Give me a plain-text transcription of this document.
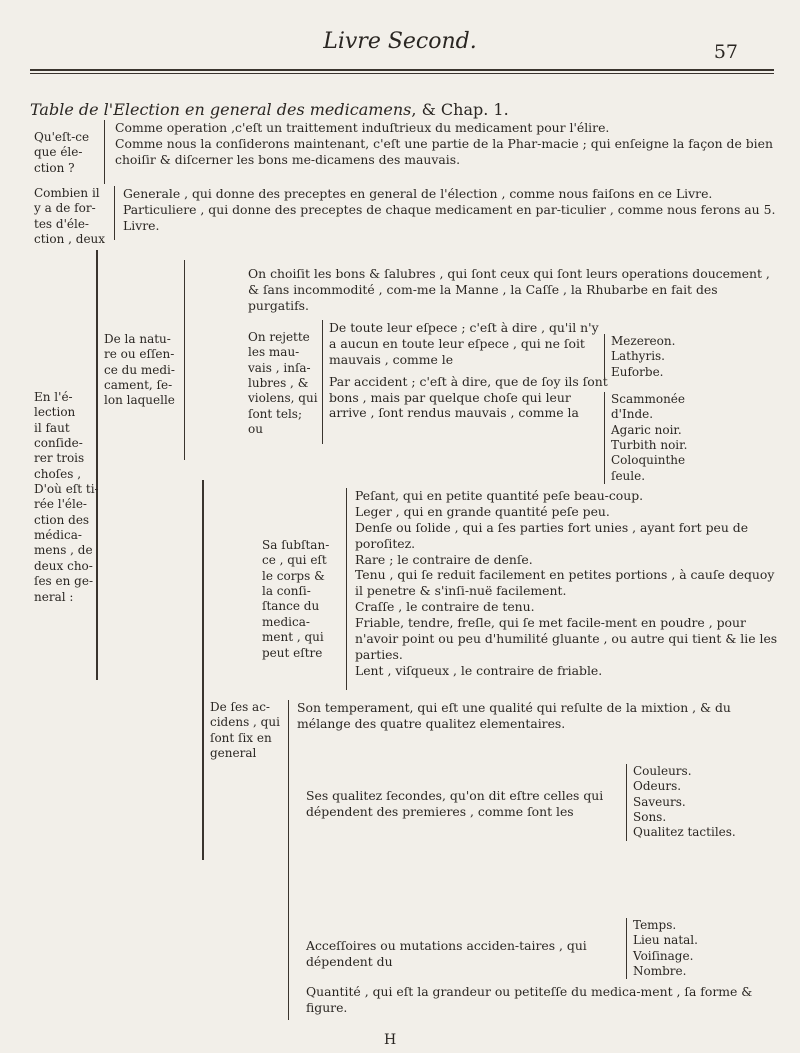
Livre Second.	57
Table de l'Election en general des medicamens, & Chap. 1.
Qu'eſt-ce
que éle-
ction ?
Comme operation ,c'eſt un traittement induſtrieux du medicament pour l'élire.
Comme nous la conſiderons maintenant, c'eſt une partie de la Phar-macie ; qui enſeigne la façon de bien choiſir & diſcerner les bons me-dicamens des mauvais.
Combien il
y a de for-
tes d'éle-
ction , deux
Generale , qui donne des preceptes en general de l'élection , comme nous faiſons en ce Livre.
Particuliere , qui donne des preceptes de chaque medicament en par-ticulier , comme nous ferons au 5. Livre.
En l'é-
lection
il faut
conſide-
rer trois
choſes ,
De la natu-
re ou eſſen-
ce du medi-
cament, ſe-
lon laquelle
On choiſit les bons & ſalubres , qui ſont ceux qui ſont leurs operations doucement , & ſans incommodité , com-me la Manne , la Caſſe , la Rhubarbe en fait des purgatifs.
On rejette
les mau-
vais , inſa-
lubres , &
violens, qui
ſont tels; ou
De toute leur eſpece ; c'eſt à dire , qu'il n'y a aucun en toute leur eſpece , qui ne ſoit mauvais , comme le
Par accident ; c'eſt à dire, que de ſoy ils ſont bons , mais par quelque choſe qui leur arrive , ſont rendus mauvais , comme la
Mezereon.
Lathyris.
Euforbe.
Scammonée
d'Inde.
Agaric noir.
Turbith noir.
Coloquinthe
ſeule.
D'où eſt ti-
rée l'éle-
ction des
médica-
mens , de
deux cho-
ſes en ge-
neral :
Sa ſubſtan-
ce , qui eſt
le corps &
la conſi-
ſtance du
medica-
ment , qui
peut eſtre
Peſant, qui en petite quantité peſe beau-coup.
Leger , qui en grande quantité peſe peu.
Denſe ou ſolide , qui a ſes parties fort unies , ayant fort peu de poroſitez.
Rare ; le contraire de denſe.
Tenu , qui ſe reduit facilement en petites portions , à cauſe dequoy il penetre & s'inſi-nuë facilement.
Craſſe , le contraire de tenu.
Friable, tendre, freſle, qui ſe met facile-ment en poudre , pour n'avoir point ou peu d'humilité gluante , ou autre qui tient & lie les parties.
Lent , viſqueux , le contraire de friable.
De ſes ac-
cidens , qui
ſont ſix en
general
Son temperament, qui eſt une qualité qui reſulte de la mixtion , & du mélange des quatre qualitez elementaires.
Ses qualitez ſecondes, qu'on dit eſtre celles qui dépendent des premieres , comme ſont les
Couleurs.
Odeurs.
Saveurs.
Sons.
Qualitez tactiles.
Acceſſoires ou mutations acciden-taires , qui dépendent du
Temps.
Lieu natal.
Voiſinage.
Nombre.
Quantité , qui eſt la grandeur ou petiteſſe du medica-ment , ſa forme & figure.
H
